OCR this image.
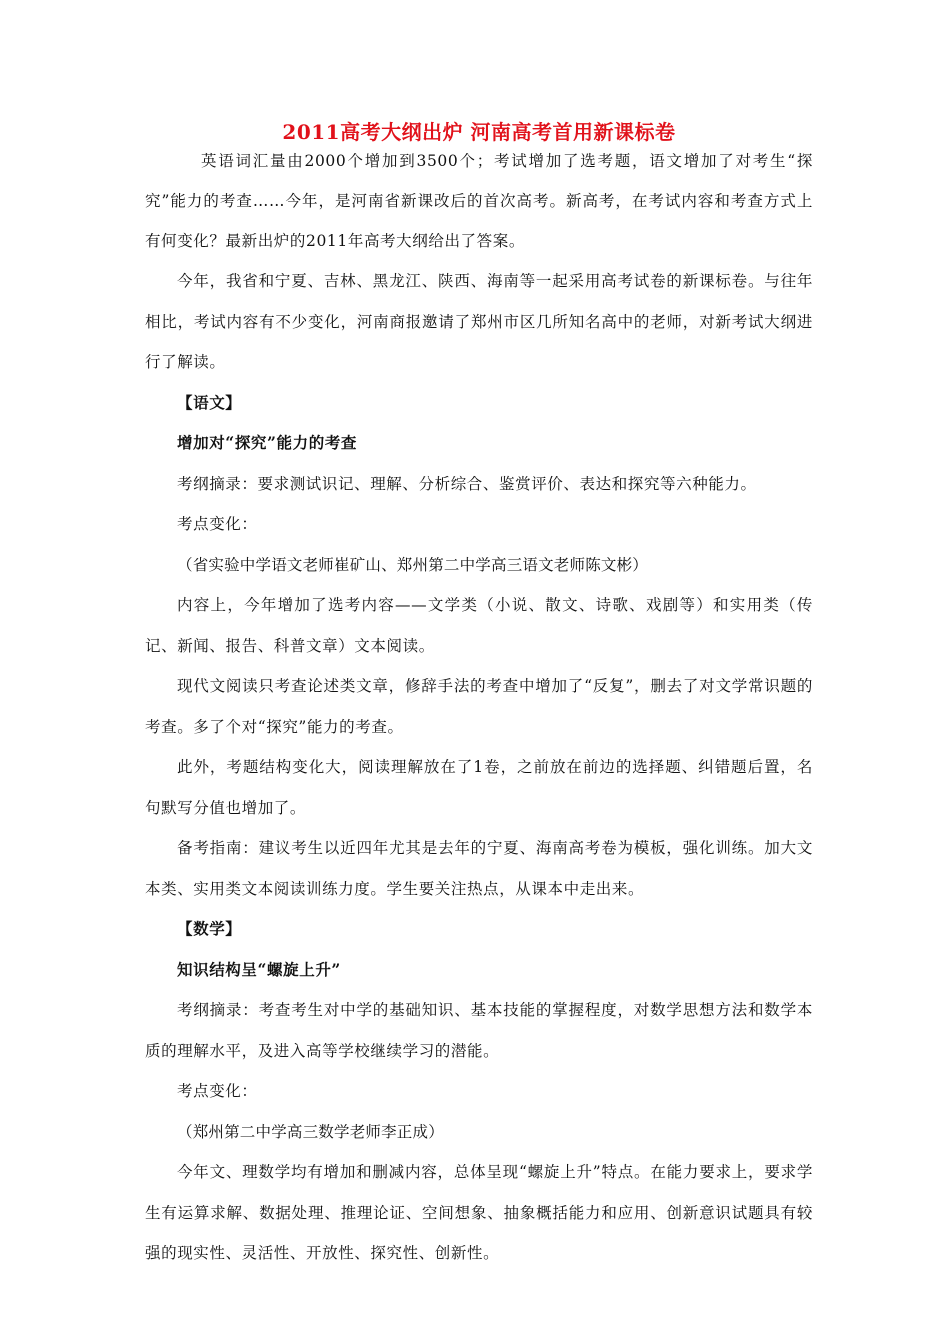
2011高考大纲出炉 河南高考首用新课标卷

英语词汇量由2000个增加到3500个；考试增加了选考题，语文增加了对考生“探究”能力的考查……今年，是河南省新课改后的首次高考。新高考，在考试内容和考查方式上有何变化？最新出炉的2011年高考大纲给出了答案。

今年，我省和宁夏、吉林、黑龙江、陕西、海南等一起采用高考试卷的新课标卷。与往年相比，考试内容有不少变化，河南商报邀请了郑州市区几所知名高中的老师，对新考试大纲进行了解读。

【语文】

增加对“探究”能力的考查

考纲摘录：要求测试识记、理解、分析综合、鉴赏评价、表达和探究等六种能力。

考点变化：

（省实验中学语文老师崔矿山、郑州第二中学高三语文老师陈文彬）

内容上，今年增加了选考内容——文学类（小说、散文、诗歌、戏剧等）和实用类（传记、新闻、报告、科普文章）文本阅读。

现代文阅读只考查论述类文章，修辞手法的考查中增加了“反复”，删去了对文学常识题的考查。多了个对“探究”能力的考查。

此外，考题结构变化大，阅读理解放在了1卷，之前放在前边的选择题、纠错题后置，名句默写分值也增加了。

备考指南：建议考生以近四年尤其是去年的宁夏、海南高考卷为模板，强化训练。加大文本类、实用类文本阅读训练力度。学生要关注热点，从课本中走出来。

【数学】

知识结构呈“螺旋上升”

考纲摘录：考查考生对中学的基础知识、基本技能的掌握程度，对数学思想方法和数学本质的理解水平，及进入高等学校继续学习的潜能。

考点变化：

（郑州第二中学高三数学老师李正成）

今年文、理数学均有增加和删减内容，总体呈现“螺旋上升”特点。在能力要求上，要求学生有运算求解、数据处理、推理论证、空间想象、抽象概括能力和应用、创新意识试题具有较强的现实性、灵活性、开放性、探究性、创新性。
